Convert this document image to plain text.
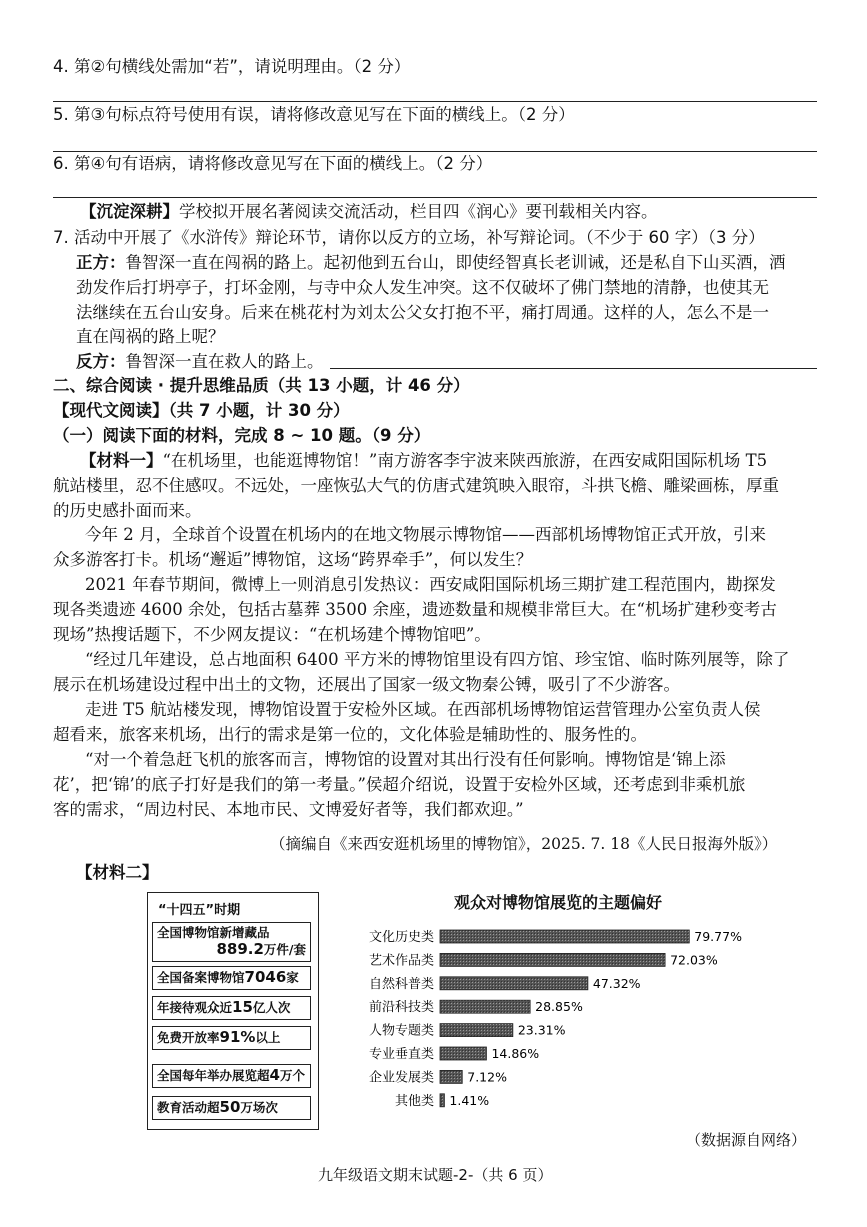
4. 第②句横线处需加“若”，请说明理由。（2 分）
5. 第③句标点符号使用有误，请将修改意见写在下面的横线上。（2 分）
6. 第④句有语病，请将修改意见写在下面的横线上。（2 分）
【沉淀深耕】学校拟开展名著阅读交流活动，栏目四《润心》要刊载相关内容。
7. 活动中开展了《水浒传》辩论环节，请你以反方的立场，补写辩论词。（不少于 60 字）（3 分）
正方：鲁智深一直在闯祸的路上。起初他到五台山，即使经智真长老训诫，还是私自下山买酒，酒
劲发作后打坍亭子，打坏金刚，与寺中众人发生冲突。这不仅破坏了佛门禁地的清静，也使其无
法继续在五台山安身。后来在桃花村为刘太公父女打抱不平，痛打周通。这样的人，怎么不是一
直在闯祸的路上呢？
反方：鲁智深一直在救人的路上。
二、综合阅读 · 提升思维品质（共 13 小题，计 46 分）
【现代文阅读】（共 7 小题，计 30 分）
（一）阅读下面的材料，完成 8 ~ 10 题。（9 分）
【材料一】“在机场里，也能逛博物馆！”南方游客李宇波来陕西旅游，在西安咸阳国际机场 T5
航站楼里，忍不住感叹。不远处，一座恢弘大气的仿唐式建筑映入眼帘，斗拱飞檐、雕梁画栋，厚重
的历史感扑面而来。
今年 2 月，全球首个设置在机场内的在地文物展示博物馆——西部机场博物馆正式开放，引来
众多游客打卡。机场“邂逅”博物馆，这场“跨界牵手”，何以发生？
2021 年春节期间，微博上一则消息引发热议：西安咸阳国际机场三期扩建工程范围内，勘探发
现各类遗迹 4600 余处，包括古墓葬 3500 余座，遗迹数量和规模非常巨大。在“机场扩建秒变考古
现场”热搜话题下，不少网友提议：“在机场建个博物馆吧”。
“经过几年建设，总占地面积 6400 平方米的博物馆里设有四方馆、珍宝馆、临时陈列展等，除了
展示在机场建设过程中出土的文物，还展出了国家一级文物秦公镈，吸引了不少游客。
走进 T5 航站楼发现，博物馆设置于安检外区域。在西部机场博物馆运营管理办公室负责人侯
超看来，旅客来机场，出行的需求是第一位的，文化体验是辅助性的、服务性的。
“对一个着急赶飞机的旅客而言，博物馆的设置对其出行没有任何影响。博物馆是‘锦上添
花’，把‘锦’的底子打好是我们的第一考量。”侯超介绍说，设置于安检外区域，还考虑到非乘机旅
客的需求，“周边村民、本地市民、文博爱好者等，我们都欢迎。”
（摘编自《来西安逛机场里的博物馆》，2025. 7. 18《人民日报海外版》）
【材料二】
“十四五”时期
全国博物馆新增藏品
889.2万件/套
全国备案博物馆7046家
年接待观众近15亿人次
免费开放率91%以上
全国每年举办展览超4万个
教育活动超50万场次
观众对博物馆展览的主题偏好
文化历史类	79.77%
艺术作品类	72.03%
自然科普类	47.32%
前沿科技类	28.85%
人物专题类	23.31%
专业垂直类	14.86%
企业发展类	7.12%
其他类 1.41%
（数据源自网络）
九年级语文期末试题-2-（共 6 页）
